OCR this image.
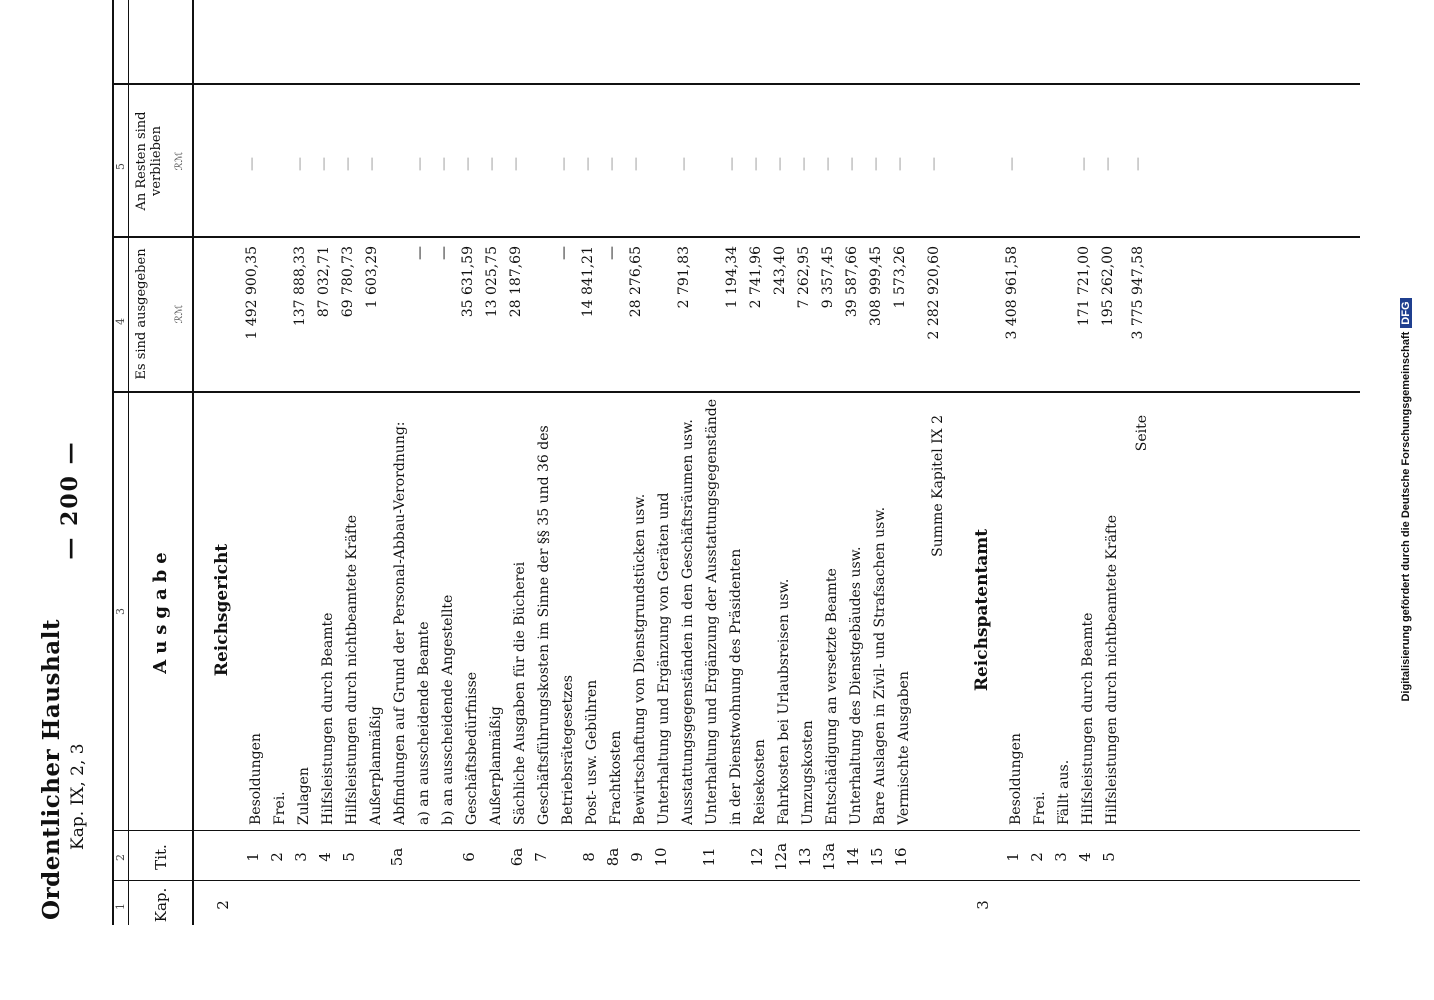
Ordentlicher Haushalt Kap. IX, 2, 3
— 200 —
1
2
3
4
5
Kap.
Tit.
Ausgabe
Es sind ausgegeben
An Resten sind verblieben
ℛℳ
ℛℳ
2
Reichsgericht
1
Besoldungen
1 492 900,35
—
2
Frei.
3
Zulagen
137 888,33
—
4
Hilfsleistungen durch Beamte
87 032,71
—
5
Hilfsleistungen durch nichtbeamtete Kräfte
69 780,73
—
Außerplanmäßig
1 603,29
—
5a
Abfindungen auf Grund der Personal-Abbau-Verordnung: a) an ausscheidende Beamte
—
—
b) an ausscheidende Angestellte
—
—
6
Geschäftsbedürfnisse
35 631,59
—
Außerplanmäßig
13 025,75
—
6a
Sächliche Ausgaben für die Bücherei
28 187,69
—
7
Geschäftsführungskosten im Sinne der §§ 35 und 36 des Betriebsrätegesetzes
—
—
8
Post- usw. Gebühren
14 841,21
—
8a
Frachtkosten
—
—
9
Bewirtschaftung von Dienstgrundstücken usw.
28 276,65
—
10
Unterhaltung und Ergänzung von Geräten und Ausstattungsgegenständen in den Geschäftsräumen usw.
2 791,83
—
11
Unterhaltung und Ergänzung der Ausstattungsgegenstände in der Dienstwohnung des Präsidenten
1 194,34
—
12
Reisekosten
2 741,96
—
12a
Fahrkosten bei Urlaubsreisen usw.
243,40
—
13
Umzugskosten
7 262,95
—
13a
Entschädigung an versetzte Beamte
9 357,45
—
14
Unterhaltung des Dienstgebäudes usw.
39 587,66
—
15
Bare Auslagen in Zivil- und Strafsachen usw.
308 999,45
—
16
Vermischte Ausgaben
1 573,26
—
Summe Kapitel IX 2
2 282 920,60
—
3
Reichspatentamt
1
Besoldungen
3 408 961,58
—
2
Frei.
3
Fällt aus.
4
Hilfsleistungen durch Beamte
171 721,00
—
5
Hilfsleistungen durch nichtbeamtete Kräfte
195 262,00
—
Seite
3 775 947,58
—
Digitalisierung gefördert durch die Deutsche ForschungsgemeinschaftDFG
